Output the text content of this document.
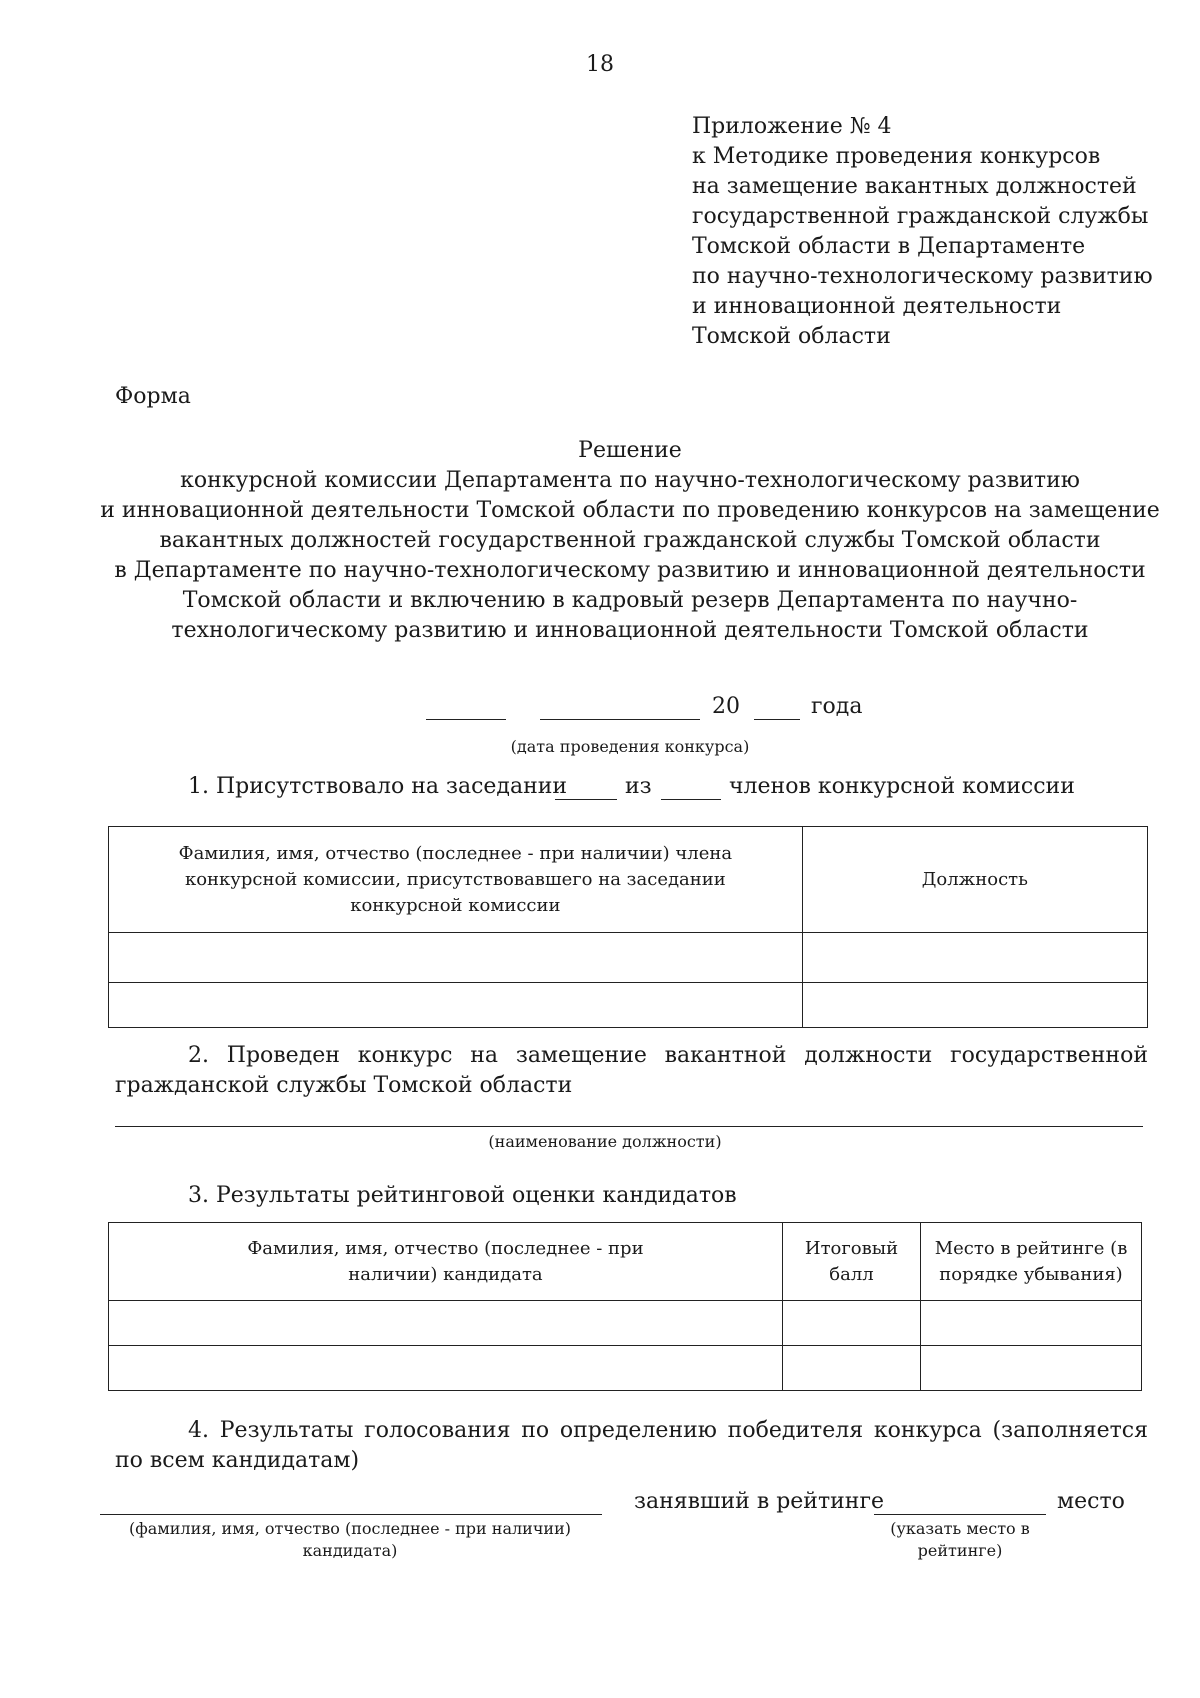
18
Приложение № 4
к Методике проведения конкурсов
на замещение вакантных должностей
государственной гражданской службы
Томской области в Департаменте
по научно-технологическому развитию
и инновационной деятельности
Томской области
Форма
Решение
конкурсной комиссии Департамента по научно-технологическому развитию
и инновационной деятельности Томской области по проведению конкурсов на замещение
вакантных должностей государственной гражданской службы Томской области
в Департаменте по научно-технологическому развитию и инновационной деятельности
Томской области и включению в кадровый резерв Департамента по научно-
технологическому развитию и инновационной деятельности Томской области
20	года
(дата проведения конкурса)
1. Присутствовало на заседании	из	членов конкурсной комиссии
Фамилия, имя, отчество (последнее - при наличии) члена конкурсной комиссии, присутствовавшего на заседании конкурсной комиссии	Должность

2. Проведен конкурс на замещение вакантной должности государственной
гражданской службы Томской области
(наименование должности)
3. Результаты рейтинговой оценки кандидатов
Фамилия, имя, отчество (последнее - при наличии) кандидата	Итоговый балл	Место в рейтинге (в порядке убывания)

4. Результаты голосования по определению победителя конкурса (заполняется
по всем кандидатам)
занявший в рейтинге	место
(фамилия, имя, отчество (последнее - при наличии) кандидата)
(указать место в рейтинге)
